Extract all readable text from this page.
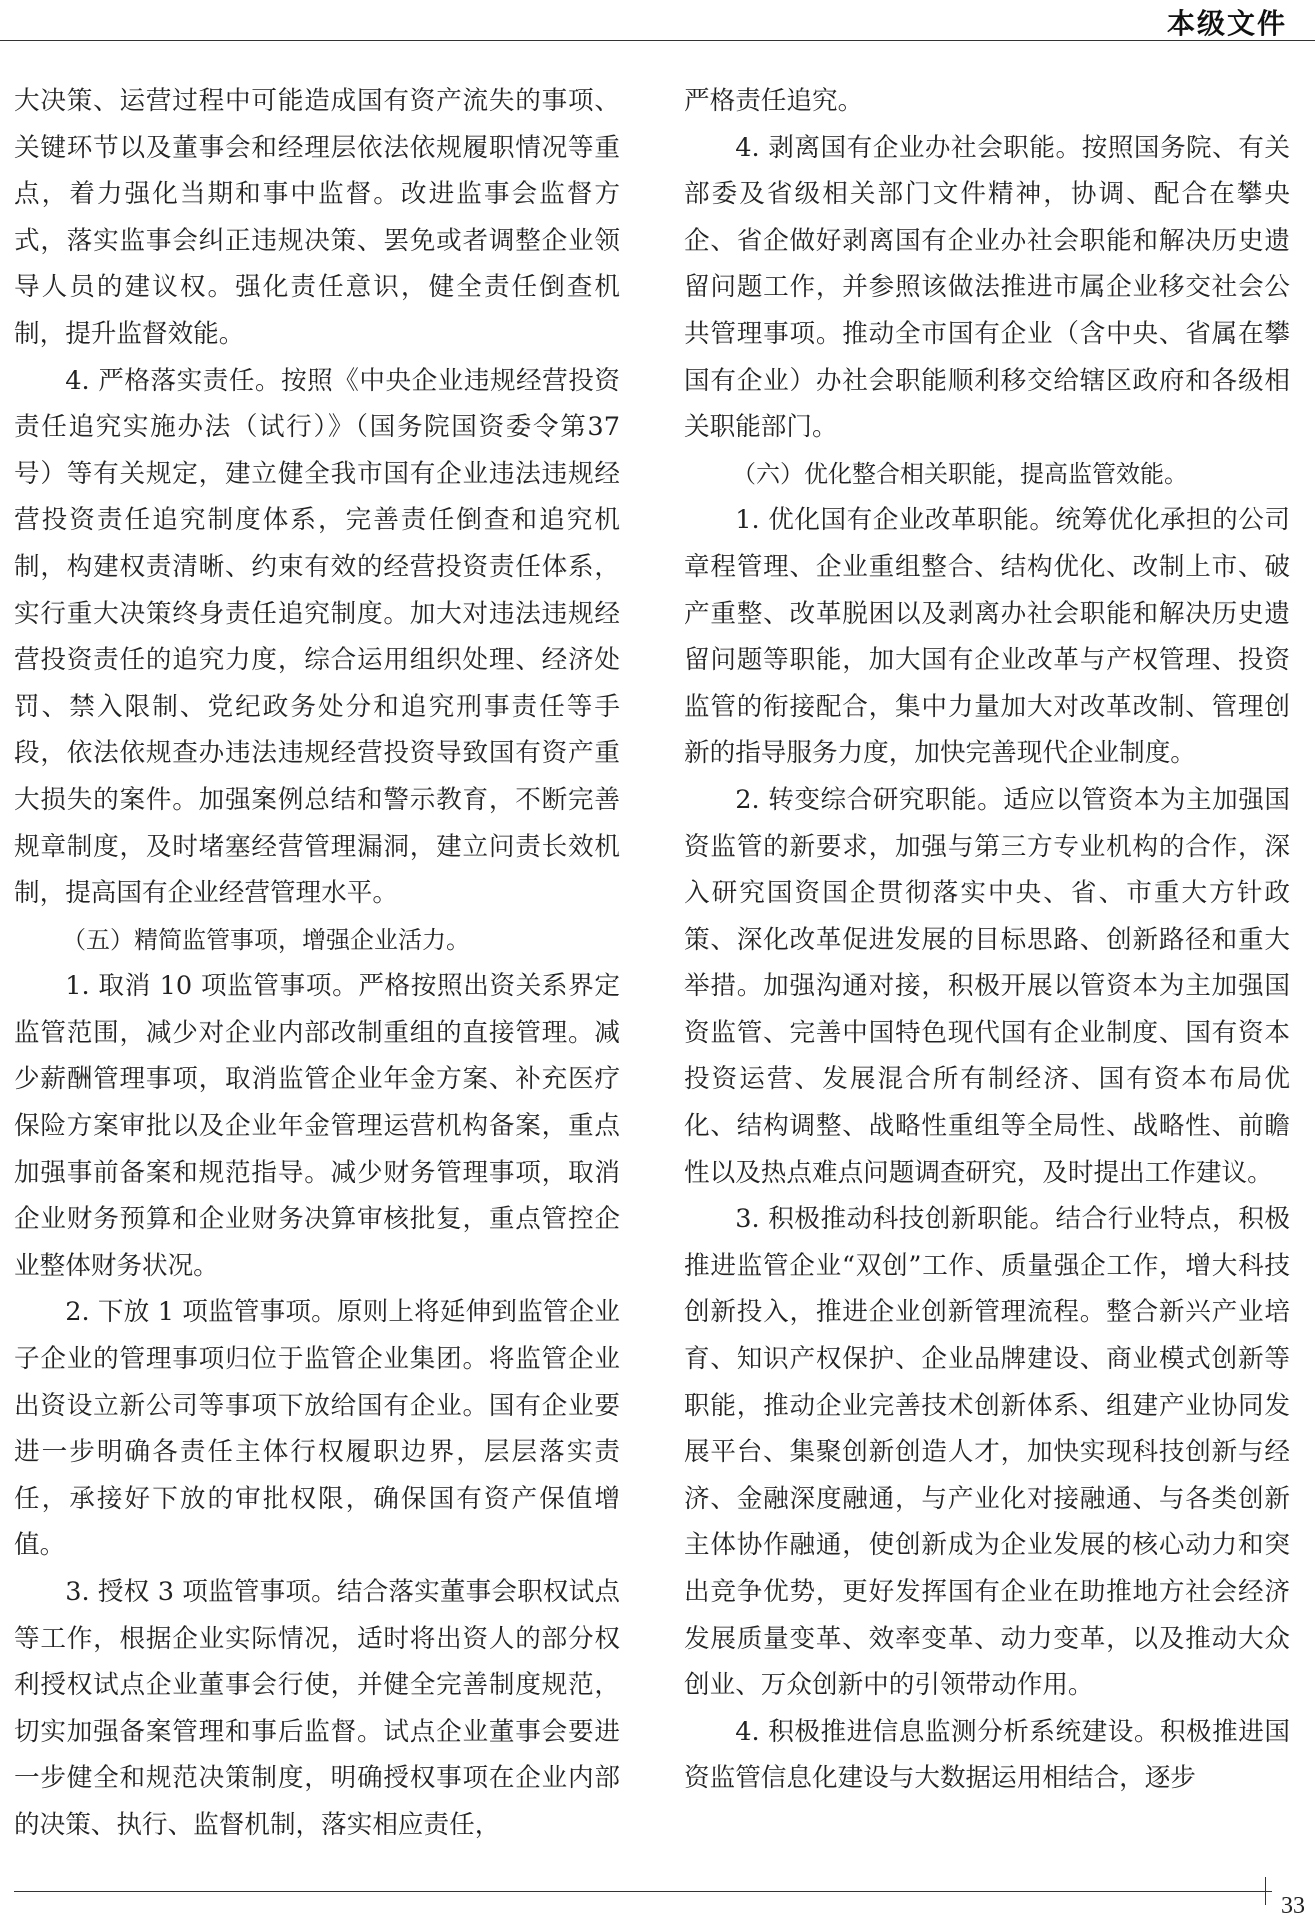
本级文件

大决策、运营过程中可能造成国有资产流失的事项、关键环节以及董事会和经理层依法依规履职情况等重点，着力强化当期和事中监督。改进监事会监督方式，落实监事会纠正违规决策、罢免或者调整企业领导人员的建议权。强化责任意识，健全责任倒查机制，提升监督效能。

4. 严格落实责任。按照《中央企业违规经营投资责任追究实施办法（试行）》（国务院国资委令第37号）等有关规定，建立健全我市国有企业违法违规经营投资责任追究制度体系，完善责任倒查和追究机制，构建权责清晰、约束有效的经营投资责任体系，实行重大决策终身责任追究制度。加大对违法违规经营投资责任的追究力度，综合运用组织处理、经济处罚、禁入限制、党纪政务处分和追究刑事责任等手段，依法依规查办违法违规经营投资导致国有资产重大损失的案件。加强案例总结和警示教育，不断完善规章制度，及时堵塞经营管理漏洞，建立问责长效机制，提高国有企业经营管理水平。

（五）精简监管事项，增强企业活力。

1. 取消 10 项监管事项。严格按照出资关系界定监管范围，减少对企业内部改制重组的直接管理。减少薪酬管理事项，取消监管企业年金方案、补充医疗保险方案审批以及企业年金管理运营机构备案，重点加强事前备案和规范指导。减少财务管理事项，取消企业财务预算和企业财务决算审核批复，重点管控企业整体财务状况。

2. 下放 1 项监管事项。原则上将延伸到监管企业子企业的管理事项归位于监管企业集团。将监管企业出资设立新公司等事项下放给国有企业。国有企业要进一步明确各责任主体行权履职边界，层层落实责任，承接好下放的审批权限，确保国有资产保值增值。

3. 授权 3 项监管事项。结合落实董事会职权试点等工作，根据企业实际情况，适时将出资人的部分权利授权试点企业董事会行使，并健全完善制度规范，切实加强备案管理和事后监督。试点企业董事会要进一步健全和规范决策制度，明确授权事项在企业内部的决策、执行、监督机制，落实相应责任，

严格责任追究。

4. 剥离国有企业办社会职能。按照国务院、有关部委及省级相关部门文件精神，协调、配合在攀央企、省企做好剥离国有企业办社会职能和解决历史遗留问题工作，并参照该做法推进市属企业移交社会公共管理事项。推动全市国有企业（含中央、省属在攀国有企业）办社会职能顺利移交给辖区政府和各级相关职能部门。

（六）优化整合相关职能，提高监管效能。

1. 优化国有企业改革职能。统筹优化承担的公司章程管理、企业重组整合、结构优化、改制上市、破产重整、改革脱困以及剥离办社会职能和解决历史遗留问题等职能，加大国有企业改革与产权管理、投资监管的衔接配合，集中力量加大对改革改制、管理创新的指导服务力度，加快完善现代企业制度。

2. 转变综合研究职能。适应以管资本为主加强国资监管的新要求，加强与第三方专业机构的合作，深入研究国资国企贯彻落实中央、省、市重大方针政策、深化改革促进发展的目标思路、创新路径和重大举措。加强沟通对接，积极开展以管资本为主加强国资监管、完善中国特色现代国有企业制度、国有资本投资运营、发展混合所有制经济、国有资本布局优化、结构调整、战略性重组等全局性、战略性、前瞻性以及热点难点问题调查研究，及时提出工作建议。

3. 积极推动科技创新职能。结合行业特点，积极推进监管企业“双创”工作、质量强企工作，增大科技创新投入，推进企业创新管理流程。整合新兴产业培育、知识产权保护、企业品牌建设、商业模式创新等职能，推动企业完善技术创新体系、组建产业协同发展平台、集聚创新创造人才，加快实现科技创新与经济、金融深度融通，与产业化对接融通、与各类创新主体协作融通，使创新成为企业发展的核心动力和突出竞争优势，更好发挥国有企业在助推地方社会经济发展质量变革、效率变革、动力变革，以及推动大众创业、万众创新中的引领带动作用。

4. 积极推进信息监测分析系统建设。积极推进国资监管信息化建设与大数据运用相结合，逐步

33
